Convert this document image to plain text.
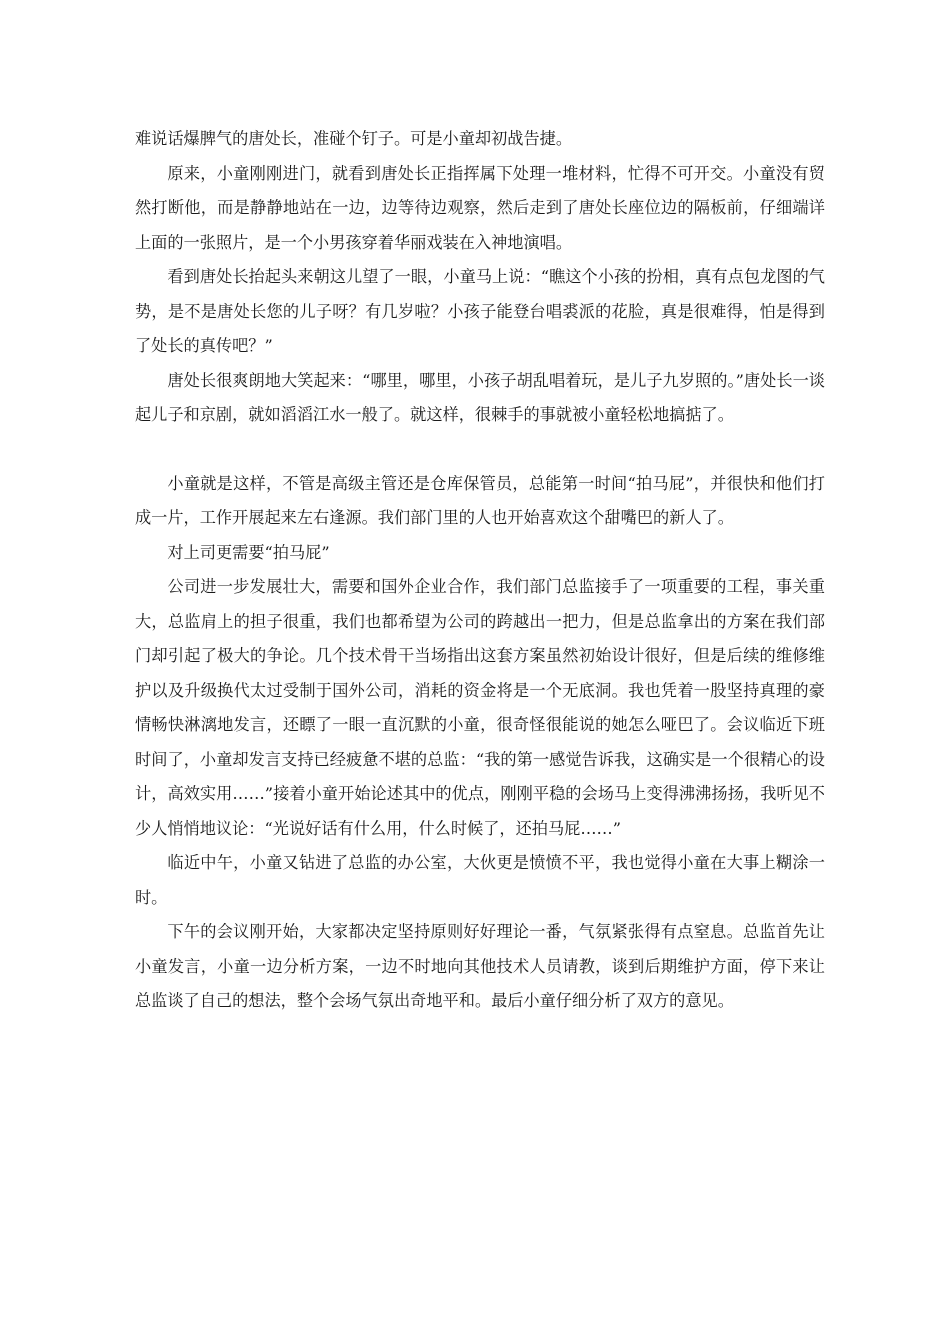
难说话爆脾气的唐处长，准碰个钉子。可是小童却初战告捷。

原来，小童刚刚进门，就看到唐处长正指挥属下处理一堆材料，忙得不可开交。小童没有贸然打断他，而是静静地站在一边，边等待边观察，然后走到了唐处长座位边的隔板前，仔细端详上面的一张照片，是一个小男孩穿着华丽戏装在入神地演唱。

看到唐处长抬起头来朝这儿望了一眼，小童马上说：“瞧这个小孩的扮相，真有点包龙图的气势，是不是唐处长您的儿子呀？有几岁啦？小孩子能登台唱裘派的花脸，真是很难得，怕是得到了处长的真传吧？”

唐处长很爽朗地大笑起来：“哪里，哪里，小孩子胡乱唱着玩，是儿子九岁照的。”唐处长一谈起儿子和京剧，就如滔滔江水一般了。就这样，很棘手的事就被小童轻松地搞掂了。

小童就是这样，不管是高级主管还是仓库保管员，总能第一时间“拍马屁”，并很快和他们打成一片，工作开展起来左右逢源。我们部门里的人也开始喜欢这个甜嘴巴的新人了。

对上司更需要“拍马屁”

公司进一步发展壮大，需要和国外企业合作，我们部门总监接手了一项重要的工程，事关重大，总监肩上的担子很重，我们也都希望为公司的跨越出一把力，但是总监拿出的方案在我们部门却引起了极大的争论。几个技术骨干当场指出这套方案虽然初始设计很好，但是后续的维修维护以及升级换代太过受制于国外公司，消耗的资金将是一个无底洞。我也凭着一股坚持真理的豪情畅快淋漓地发言，还瞟了一眼一直沉默的小童，很奇怪很能说的她怎么哑巴了。会议临近下班时间了，小童却发言支持已经疲惫不堪的总监：“我的第一感觉告诉我，这确实是一个很精心的设计，高效实用……”接着小童开始论述其中的优点，刚刚平稳的会场马上变得沸沸扬扬，我听见不少人悄悄地议论：“光说好话有什么用，什么时候了，还拍马屁……”

临近中午，小童又钻进了总监的办公室，大伙更是愤愤不平，我也觉得小童在大事上糊涂一时。

下午的会议刚开始，大家都决定坚持原则好好理论一番，气氛紧张得有点窒息。总监首先让小童发言，小童一边分析方案，一边不时地向其他技术人员请教，谈到后期维护方面，停下来让总监谈了自己的想法，整个会场气氛出奇地平和。最后小童仔细分析了双方的意见。
